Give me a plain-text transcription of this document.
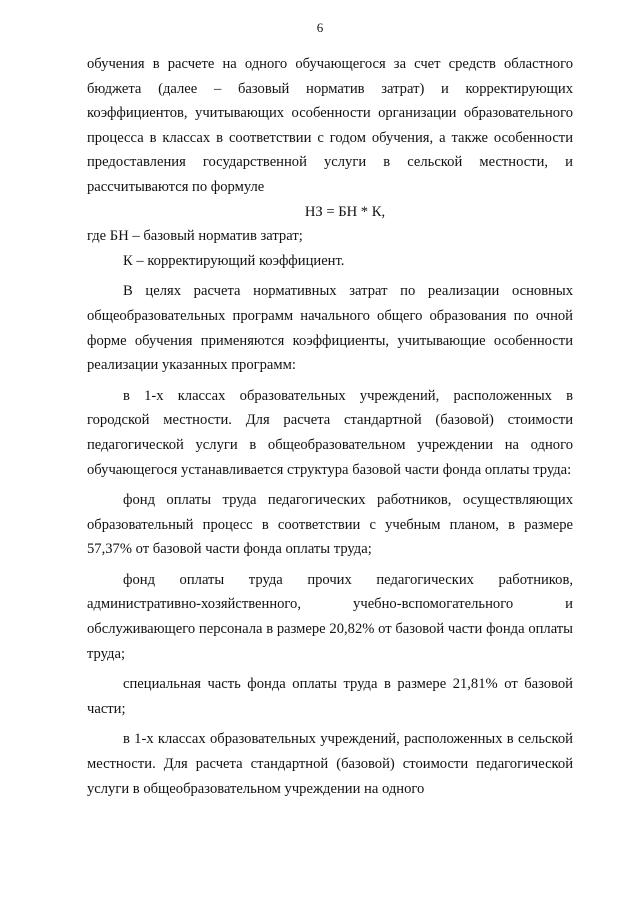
6

обучения в расчете на одного обучающегося за счет средств областного бюджета (далее – базовый норматив затрат) и корректирующих коэффициентов, учитывающих особенности организации образовательного процесса в классах в соответствии с годом обучения, а также особенности предоставления государственной услуги в сельской местности, и рассчитываются по формуле

НЗ = БН * К,

где БН – базовый норматив затрат;

К – корректирующий коэффициент.

В целях расчета нормативных затрат по реализации основных общеобразовательных программ начального общего образования по очной форме обучения применяются коэффициенты, учитывающие особенности реализации указанных программ:

в 1-х классах образовательных учреждений, расположенных в городской местности. Для расчета стандартной (базовой) стоимости педагогической услуги в общеобразовательном учреждении на одного обучающегося устанавливается структура базовой части фонда оплаты труда:

фонд оплаты труда педагогических работников, осуществляющих образовательный процесс в соответствии с учебным планом, в размере 57,37% от базовой части фонда оплаты труда;

фонд оплаты труда прочих педагогических работников, административно-хозяйственного, учебно-вспомогательного и обслуживающего персонала в размере 20,82% от базовой части фонда оплаты труда;

специальная часть фонда оплаты труда в размере 21,81% от базовой части;

в 1-х классах образовательных учреждений, расположенных в сельской местности. Для расчета стандартной (базовой) стоимости педагогической услуги в общеобразовательном учреждении на одного
